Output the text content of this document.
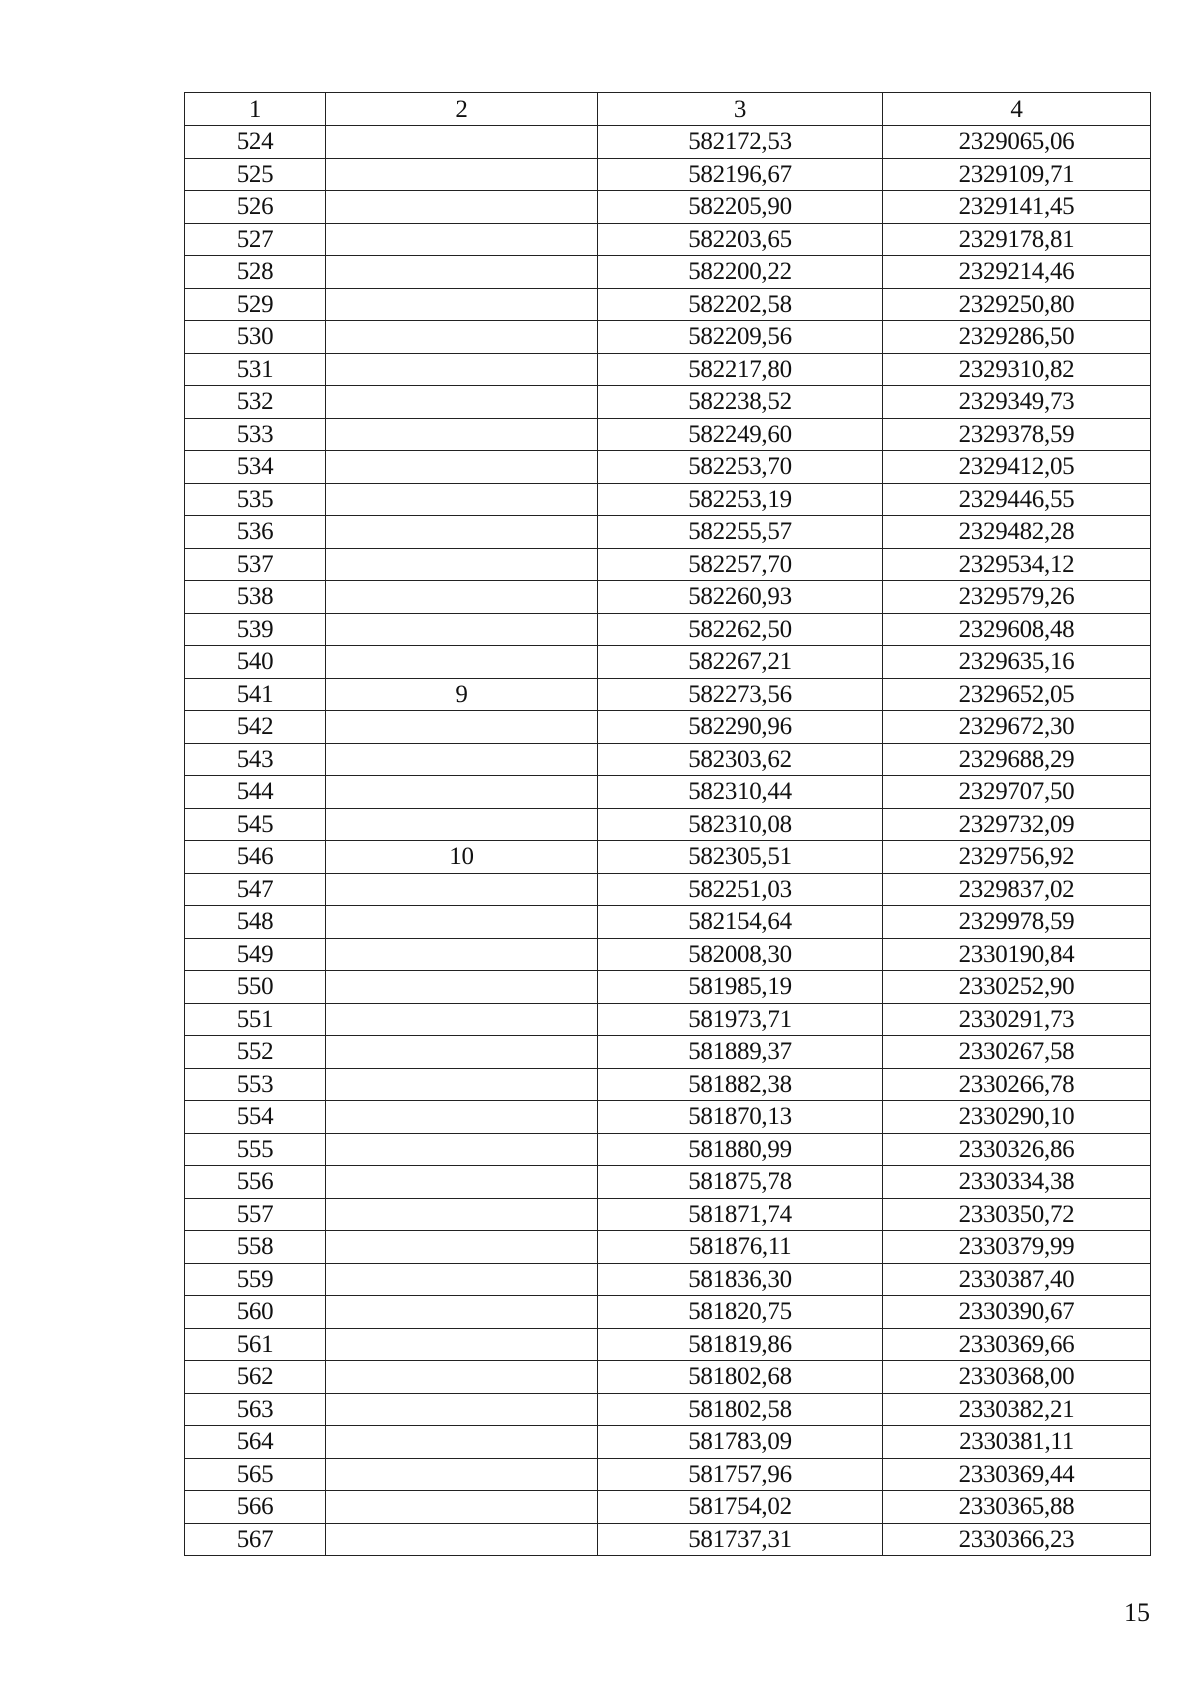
1	2	3	4
524		582172,53	2329065,06
525		582196,67	2329109,71
526		582205,90	2329141,45
527		582203,65	2329178,81
528		582200,22	2329214,46
529		582202,58	2329250,80
530		582209,56	2329286,50
531		582217,80	2329310,82
532		582238,52	2329349,73
533		582249,60	2329378,59
534		582253,70	2329412,05
535		582253,19	2329446,55
536		582255,57	2329482,28
537		582257,70	2329534,12
538		582260,93	2329579,26
539		582262,50	2329608,48
540		582267,21	2329635,16
541	9	582273,56	2329652,05
542		582290,96	2329672,30
543		582303,62	2329688,29
544		582310,44	2329707,50
545		582310,08	2329732,09
546	10	582305,51	2329756,92
547		582251,03	2329837,02
548		582154,64	2329978,59
549		582008,30	2330190,84
550		581985,19	2330252,90
551		581973,71	2330291,73
552		581889,37	2330267,58
553		581882,38	2330266,78
554		581870,13	2330290,10
555		581880,99	2330326,86
556		581875,78	2330334,38
557		581871,74	2330350,72
558		581876,11	2330379,99
559		581836,30	2330387,40
560		581820,75	2330390,67
561		581819,86	2330369,66
562		581802,68	2330368,00
563		581802,58	2330382,21
564		581783,09	2330381,11
565		581757,96	2330369,44
566		581754,02	2330365,88
567		581737,31	2330366,23
15
